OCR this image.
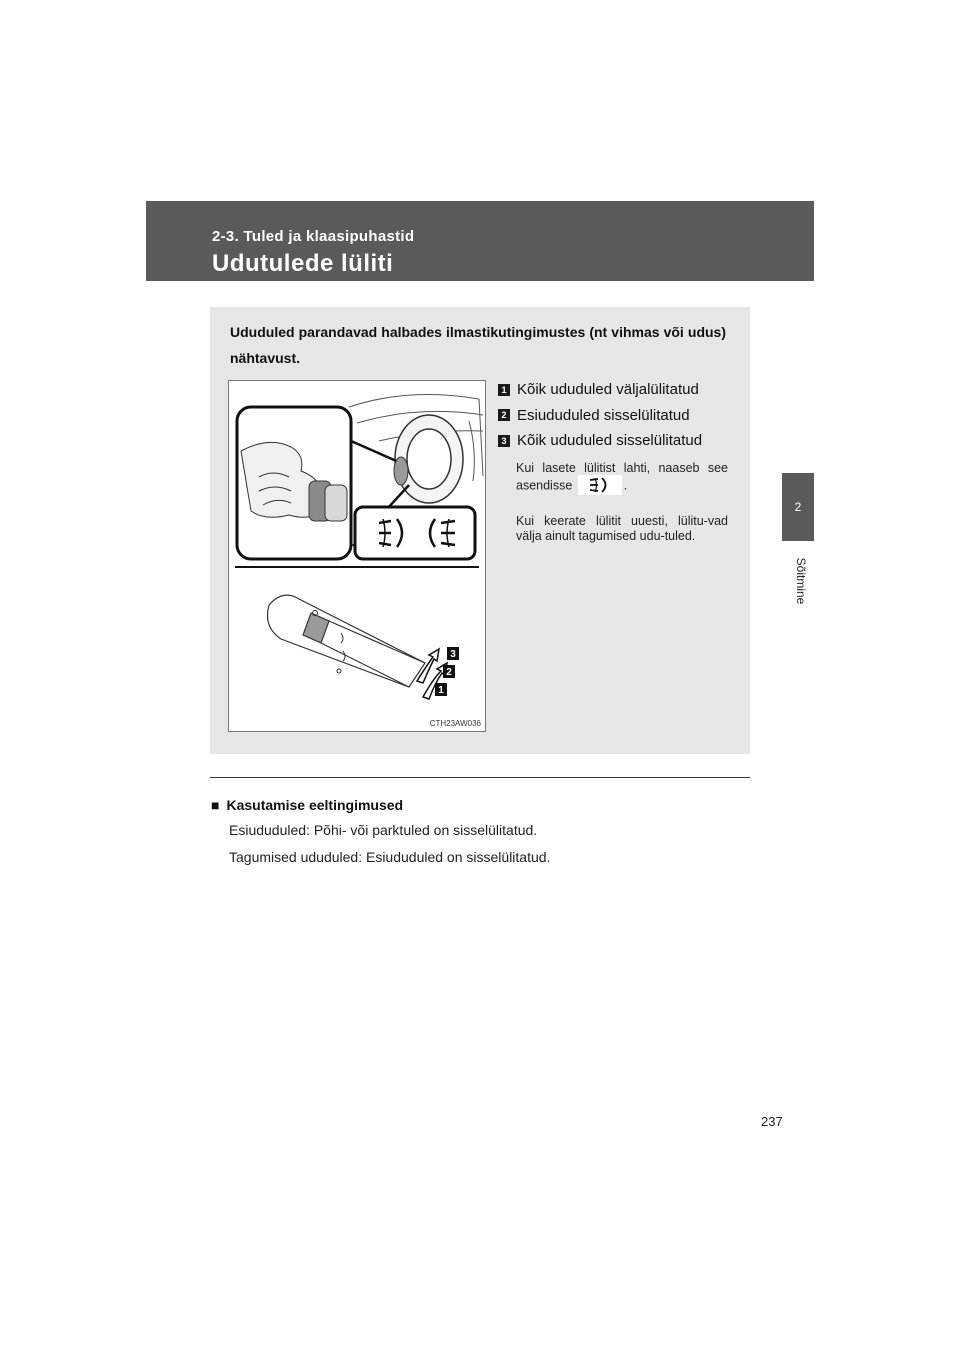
2-3. Tuled ja klaasipuhastid
Udutulede lüliti
2
Sõitmine
Ududuled parandavad halbades ilmastikutingimustes (nt vihmas või udus) nähtavust.
3
2
1
CTH23AW036
1 Kõik ududuled väljalülitatud
2 Esiududuled sisselülitatud
3 Kõik ududuled sisselülitatud
Kui lasete lülitist lahti, naaseb see asendisse	.
Kui keerate lülitit uuesti, lülitu-vad välja ainult tagumised udu-tuled.
■ Kasutamise eeltingimused
Esiududuled: Põhi- või parktuled on sisselülitatud.
Tagumised ududuled: Esiududuled on sisselülitatud.
237
